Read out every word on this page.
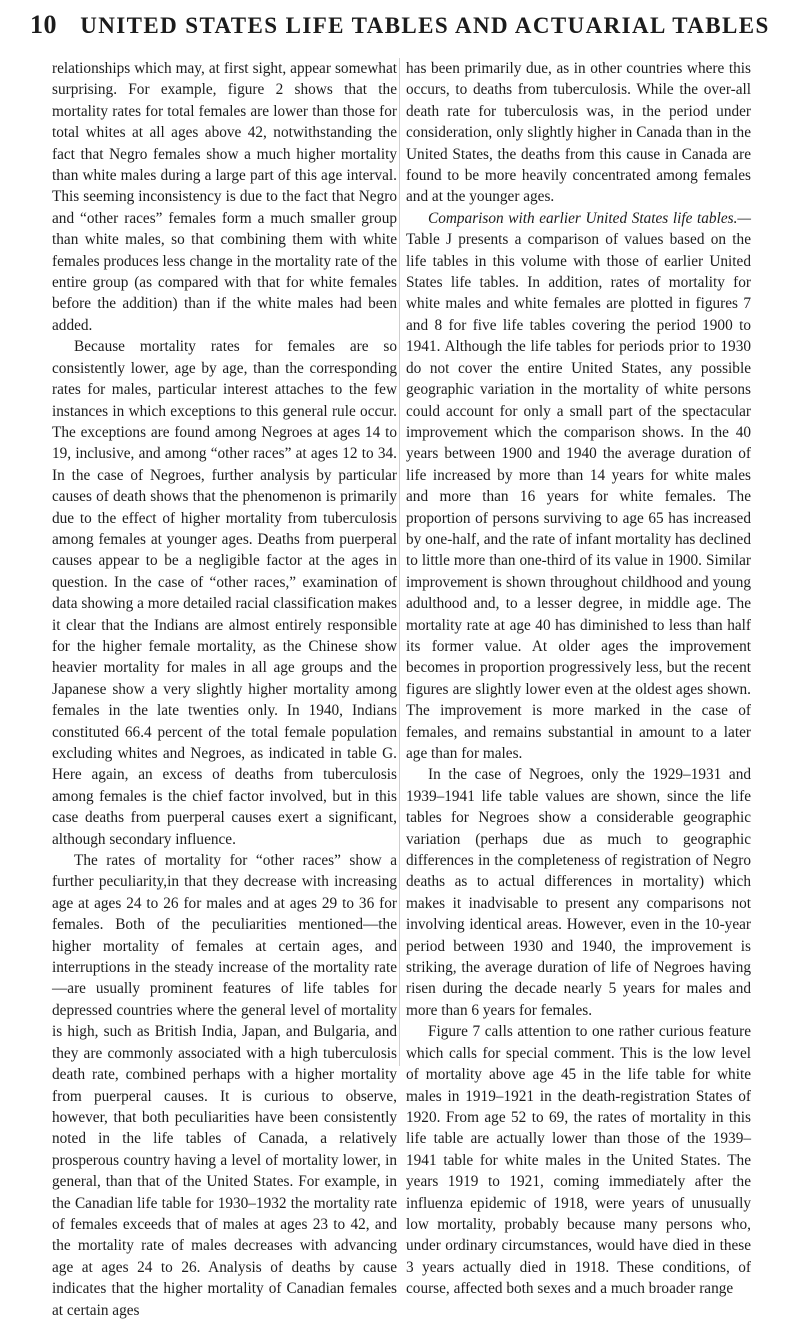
10	UNITED STATES LIFE TABLES AND ACTUARIAL TABLES

relationships which may, at first sight, appear somewhat surprising. For example, figure 2 shows that the mortality rates for total females are lower than those for total whites at all ages above 42, notwithstanding the fact that Negro females show a much higher mortality than white males during a large part of this age interval. This seeming inconsistency is due to the fact that Negro and “other races” females form a much smaller group than white males, so that combining them with white females produces less change in the mortality rate of the entire group (as compared with that for white females before the addition) than if the white males had been added.

Because mortality rates for females are so consistently lower, age by age, than the corresponding rates for males, particular interest attaches to the few instances in which exceptions to this general rule occur. The exceptions are found among Negroes at ages 14 to 19, inclusive, and among “other races” at ages 12 to 34. In the case of Negroes, further analysis by particular causes of death shows that the phenomenon is primarily due to the effect of higher mortality from tuberculosis among females at younger ages. Deaths from puerperal causes appear to be a negligible factor at the ages in question. In the case of “other races,” examination of data showing a more detailed racial classification makes it clear that the Indians are almost entirely responsible for the higher female mortality, as the Chinese show heavier mortality for males in all age groups and the Japanese show a very slightly higher mortality among females in the late twenties only. In 1940, Indians constituted 66.4 percent of the total female population excluding whites and Negroes, as indicated in table G. Here again, an excess of deaths from tuberculosis among females is the chief factor involved, but in this case deaths from puerperal causes exert a significant, although secondary influence.

The rates of mortality for “other races” show a further peculiarity,in that they decrease with increasing age at ages 24 to 26 for males and at ages 29 to 36 for females. Both of the peculiarities mentioned—the higher mortality of females at certain ages, and interruptions in the steady increase of the mortality rate—are usually prominent features of life tables for depressed countries where the general level of mortality is high, such as British India, Japan, and Bulgaria, and they are commonly associated with a high tuberculosis death rate, combined perhaps with a higher mortality from puerperal causes. It is curious to observe, however, that both peculiarities have been consistently noted in the life tables of Canada, a relatively prosperous country having a level of mortality lower, in general, than that of the United States. For example, in the Canadian life table for 1930–1932 the mortality rate of females exceeds that of males at ages 23 to 42, and the mortality rate of males decreases with advancing age at ages 24 to 26. Analysis of deaths by cause indicates that the higher mortality of Canadian females at certain ages

has been primarily due, as in other countries where this occurs, to deaths from tuberculosis. While the over-all death rate for tuberculosis was, in the period under consideration, only slightly higher in Canada than in the United States, the deaths from this cause in Canada are found to be more heavily concentrated among females and at the younger ages.

Comparison with earlier United States life tables.— Table J presents a comparison of values based on the life tables in this volume with those of earlier United States life tables. In addition, rates of mortality for white males and white females are plotted in figures 7 and 8 for five life tables covering the period 1900 to 1941. Although the life tables for periods prior to 1930 do not cover the entire United States, any possible geographic variation in the mortality of white persons could account for only a small part of the spectacular improvement which the comparison shows. In the 40 years between 1900 and 1940 the average duration of life increased by more than 14 years for white males and more than 16 years for white females. The proportion of persons surviving to age 65 has increased by one-half, and the rate of infant mortality has declined to little more than one-third of its value in 1900. Similar improvement is shown throughout childhood and young adulthood and, to a lesser degree, in middle age. The mortality rate at age 40 has diminished to less than half its former value. At older ages the improvement becomes in proportion progressively less, but the recent figures are slightly lower even at the oldest ages shown. The improvement is more marked in the case of females, and remains substantial in amount to a later age than for males.

In the case of Negroes, only the 1929–1931 and 1939–1941 life table values are shown, since the life tables for Negroes show a considerable geographic variation (perhaps due as much to geographic differences in the completeness of registration of Negro deaths as to actual differences in mortality) which makes it inadvisable to present any comparisons not involving identical areas. However, even in the 10-year period between 1930 and 1940, the improvement is striking, the average duration of life of Negroes having risen during the decade nearly 5 years for males and more than 6 years for females.

Figure 7 calls attention to one rather curious feature which calls for special comment. This is the low level of mortality above age 45 in the life table for white males in 1919–1921 in the death-registration States of 1920. From age 52 to 69, the rates of mortality in this life table are actually lower than those of the 1939–1941 table for white males in the United States. The years 1919 to 1921, coming immediately after the influenza epidemic of 1918, were years of unusually low mortality, probably because many persons who, under ordinary circumstances, would have died in these 3 years actually died in 1918. These conditions, of course, affected both sexes and a much broader range
